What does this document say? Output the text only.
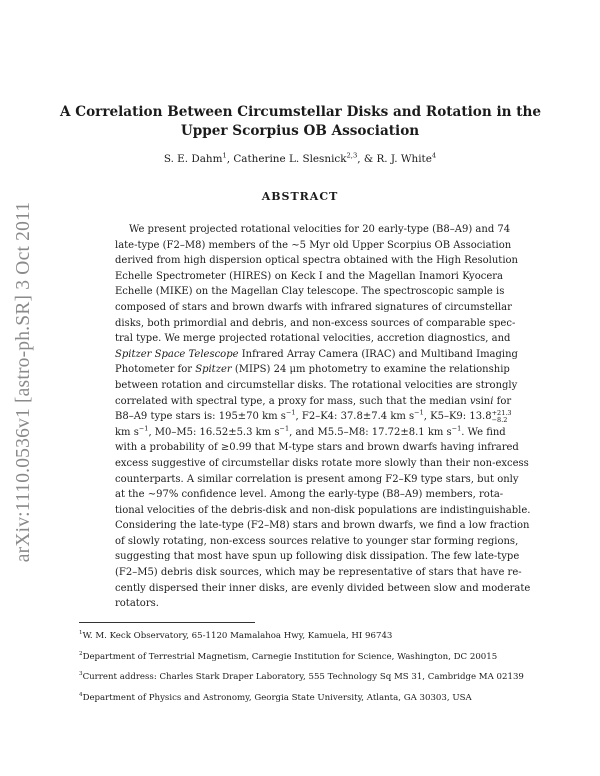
arXiv:1110.0536v1 [astro-ph.SR] 3 Oct 2011
A Correlation Between Circumstellar Disks and Rotation in the
Upper Scorpius OB Association
S. E. Dahm$^1$, Catherine L. Slesnick$^{2,3}$, & R. J. White$^4$
ABSTRACT
We present projected rotational velocities for 20 early-type (B8–A9) and 74
late-type (F2–M8) members of the ∼5 Myr old Upper Scorpius OB Association
derived from high dispersion optical spectra obtained with the High Resolution
Echelle Spectrometer (HIRES) on Keck I and the Magellan Inamori Kyocera
Echelle (MIKE) on the Magellan Clay telescope. The spectroscopic sample is
composed of stars and brown dwarfs with infrared signatures of circumstellar
disks, both primordial and debris, and non-excess sources of comparable spec-
tral type. We merge projected rotational velocities, accretion diagnostics, and
Spitzer Space Telescope Infrared Array Camera (IRAC) and Multiband Imaging
Photometer for Spitzer (MIPS) 24 μm photometry to examine the relationship
between rotation and circumstellar disks. The rotational velocities are strongly
correlated with spectral type, a proxy for mass, such that the median vsini for
B8–A9 type stars is: 195±70 km $s^{-1}$, F2–K4: 37.8±7.4 km $s^{-1}$, K5–K9: 13.8+21.3
−8.2
km $s^{-1}$, M0–M5: 16.52±5.3 km $s^{-1}$, and M5.5–M8: 17.72±8.1 km $s^{-1}$. We find
with a probability of ≥0.99 that M-type stars and brown dwarfs having infrared
excess suggestive of circumstellar disks rotate more slowly than their non-excess
counterparts. A similar correlation is present among F2–K9 type stars, but only
at the ∼97% confidence level. Among the early-type (B8–A9) members, rota-
tional velocities of the debris-disk and non-disk populations are indistinguishable.
Considering the late-type (F2–M8) stars and brown dwarfs, we find a low fraction
of slowly rotating, non-excess sources relative to younger star forming regions,
suggesting that most have spun up following disk dissipation. The few late-type
(F2–M5) debris disk sources, which may be representative of stars that have re-
cently dispersed their inner disks, are evenly divided between slow and moderate
rotators.
$^1$W. M. Keck Observatory, 65-1120 Mamalahoa Hwy, Kamuela, HI 96743
$^2$Department of Terrestrial Magnetism, Carnegie Institution for Science, Washington, DC 20015
$^3$Current address: Charles Stark Draper Laboratory, 555 Technology Sq MS 31, Cambridge MA 02139
$^4$Department of Physics and Astronomy, Georgia State University, Atlanta, GA 30303, USA
